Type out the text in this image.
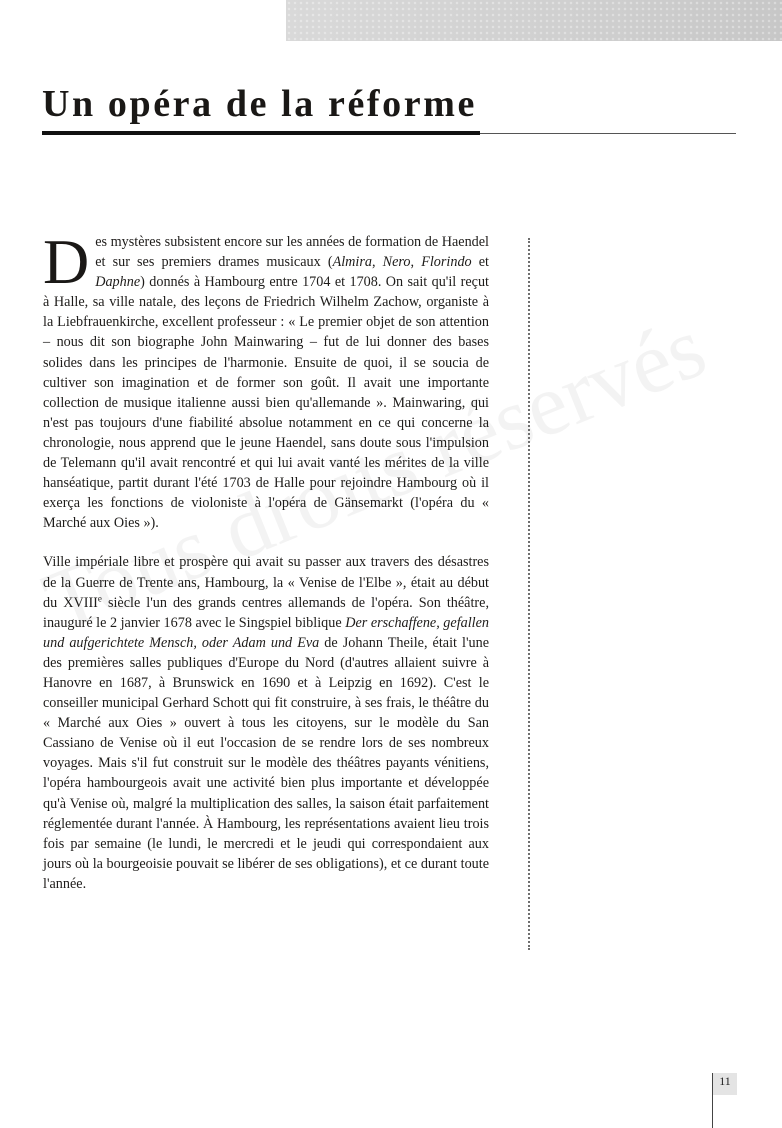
Un opéra de la réforme

Des mystères subsistent encore sur les années de formation de Haendel et sur ses premiers drames musicaux (Almira, Nero, Florindo et Daphne) donnés à Hambourg entre 1704 et 1708. On sait qu'il reçut à Halle, sa ville natale, des leçons de Friedrich Wilhelm Zachow, organiste à la Liebfrauenkirche, excellent professeur : « Le premier objet de son attention – nous dit son biographe John Mainwaring – fut de lui donner des bases solides dans les principes de l'harmonie. Ensuite de quoi, il se soucia de cultiver son imagination et de former son goût. Il avait une importante collection de musique italienne aussi bien qu'allemande ». Mainwaring, qui n'est pas toujours d'une fiabilité absolue notamment en ce qui concerne la chronologie, nous apprend que le jeune Haendel, sans doute sous l'impulsion de Telemann qu'il avait rencontré et qui lui avait vanté les mérites de la ville hanséatique, partit durant l'été 1703 de Halle pour rejoindre Hambourg où il exerça les fonctions de violoniste à l'opéra de Gänsemarkt (l'opéra du « Marché aux Oies »).

Ville impériale libre et prospère qui avait su passer aux travers des désastres de la Guerre de Trente ans, Hambourg, la « Venise de l'Elbe », était au début du XVIIIe siècle l'un des grands centres allemands de l'opéra. Son théâtre, inauguré le 2 janvier 1678 avec le Singspiel biblique Der erschaffene, gefallen und aufgerichtete Mensch, oder Adam und Eva de Johann Theile, était l'une des premières salles publiques d'Europe du Nord (d'autres allaient suivre à Hanovre en 1687, à Brunswick en 1690 et à Leipzig en 1692). C'est le conseiller municipal Gerhard Schott qui fit construire, à ses frais, le théâtre du « Marché aux Oies » ouvert à tous les citoyens, sur le modèle du San Cassiano de Venise où il eut l'occasion de se rendre lors de ses nombreux voyages. Mais s'il fut construit sur le modèle des théâtres payants vénitiens, l'opéra hambourgeois avait une activité bien plus importante et développée qu'à Venise où, malgré la multiplication des salles, la saison était parfaitement réglementée durant l'année. À Hambourg, les représentations avaient lieu trois fois par semaine (le lundi, le mercredi et le jeudi qui correspondaient aux jours où la bourgeoisie pouvait se libérer de ses obligations), et ce durant toute l'année.

11
